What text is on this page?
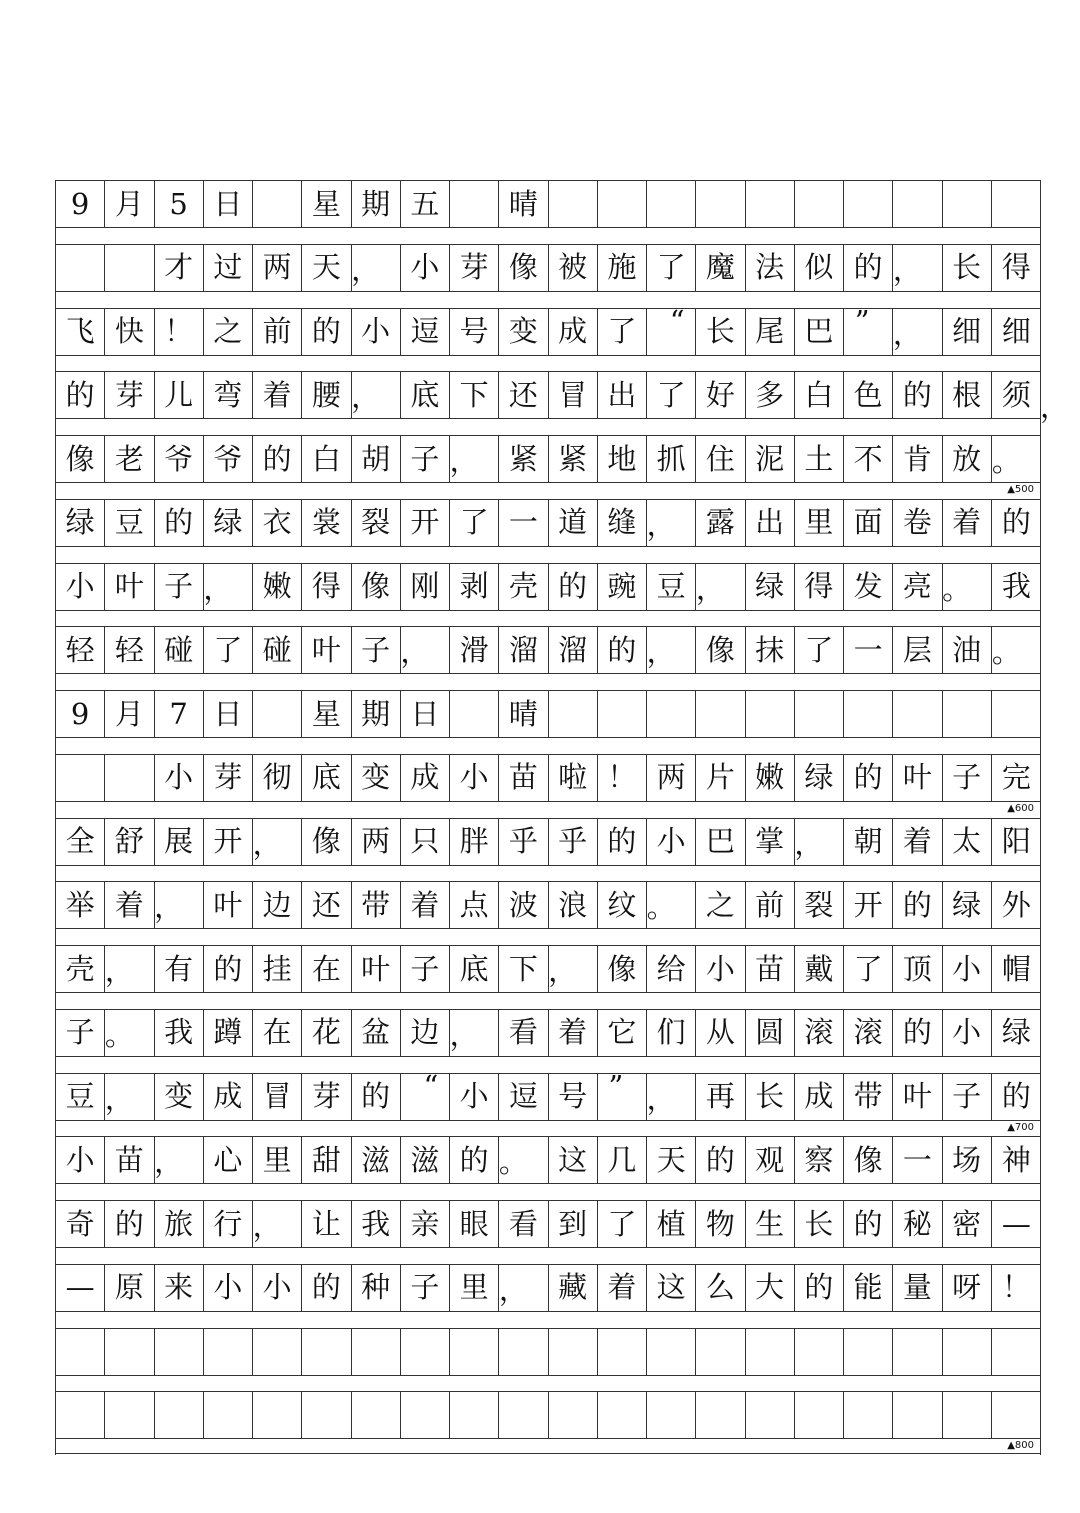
9 月 5 日 星 期 五 晴
才 过 两 天 ， 小 芽 像 被 施 了 魔 法 似 的 ， 长 得
飞 快 ！ 之 前 的 小 逗 号 变 成 了 “ 长 尾 巴 ” ， 细 细
的 芽 儿 弯 着 腰 ， 底 下 还 冒 出 了 好 多 白 色 的 根 须
像 老 爷 爷 的 白 胡 子 ， 紧 紧 地 抓 住 泥 土 不 肯 放 。
▲500
绿 豆 的 绿 衣 裳 裂 开 了 一 道 缝 ， 露 出 里 面 卷 着 的
小 叶 子 ， 嫩 得 像 刚 剥 壳 的 豌 豆 ， 绿 得 发 亮 。 我
轻 轻 碰 了 碰 叶 子 ， 滑 溜 溜 的 ， 像 抹 了 一 层 油 。
9 月 7 日 星 期 日 晴
小 芽 彻 底 变 成 小 苗 啦 ！ 两 片 嫩 绿 的 叶 子 完
▲600
全 舒 展 开 ， 像 两 只 胖 乎 乎 的 小 巴 掌 ， 朝 着 太 阳
举 着 ， 叶 边 还 带 着 点 波 浪 纹 。 之 前 裂 开 的 绿 外
壳 ， 有 的 挂 在 叶 子 底 下 ， 像 给 小 苗 戴 了 顶 小 帽
子 。 我 蹲 在 花 盆 边 ， 看 着 它 们 从 圆 滚 滚 的 小 绿
豆 ， 变 成 冒 芽 的 “ 小 逗 号 ” ， 再 长 成 带 叶 子 的
▲700
小 苗 ， 心 里 甜 滋 滋 的 。 这 几 天 的 观 察 像 一 场 神
奇 的 旅 行 ， 让 我 亲 眼 看 到 了 植 物 生 长 的 秘 密 —
— 原 来 小 小 的 种 子 里 ， 藏 着 这 么 大 的 能 量 呀 ！
，
▲800
